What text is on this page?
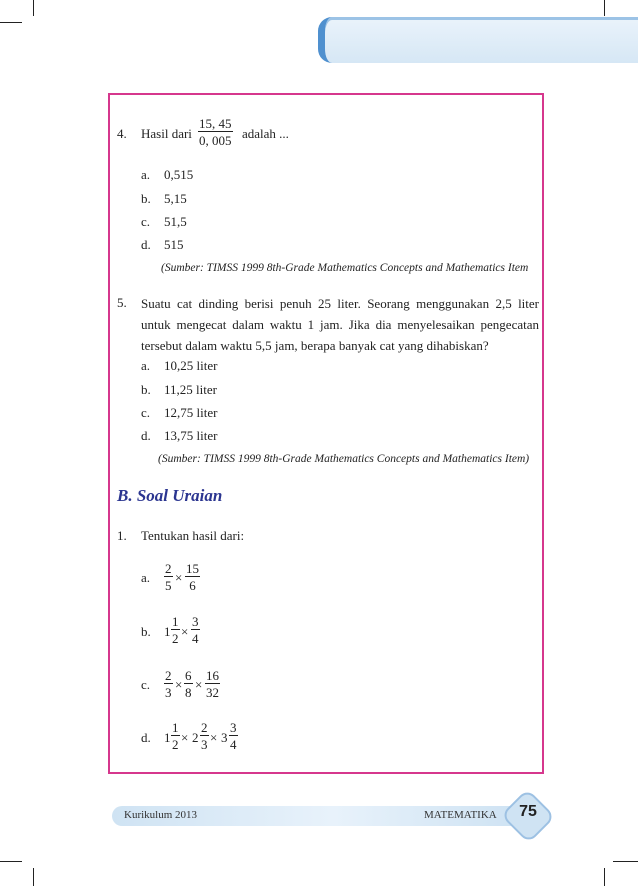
4. Hasil dari $\frac{15, 45}{0, 005}$ adalah ...
a. 0,515
b. 5,15
c. 51,5
d. 515
(Sumber: TIMSS 1999 8th-Grade Mathematics Concepts and Mathematics Item
5. Suatu cat dinding berisi penuh 25 liter. Seorang menggunakan 2,5 liter untuk mengecat dalam waktu 1 jam. Jika dia menyelesaikan pengecatan tersebut dalam waktu 5,5 jam, berapa banyak cat yang dihabiskan?
a. 10,25 liter
b. 11,25 liter
c. 12,75 liter
d. 13,75 liter
(Sumber: TIMSS 1999 8th-Grade Mathematics Concepts and Mathematics Item)
B. Soal Uraian
1. Tentukan hasil dari:
a. $\frac{2}{5} \times \frac{15}{6}$
b. $1 \frac{1}{2} \times \frac{3}{4}$
c. $\frac{2}{3} \times \frac{6}{8} \times \frac{16}{32}$
d. $1 \frac{1}{2} \times 2 \frac{2}{3} \times 3 \frac{3}{4}$
Kurikulum 2013	MATEMATIKA	75
